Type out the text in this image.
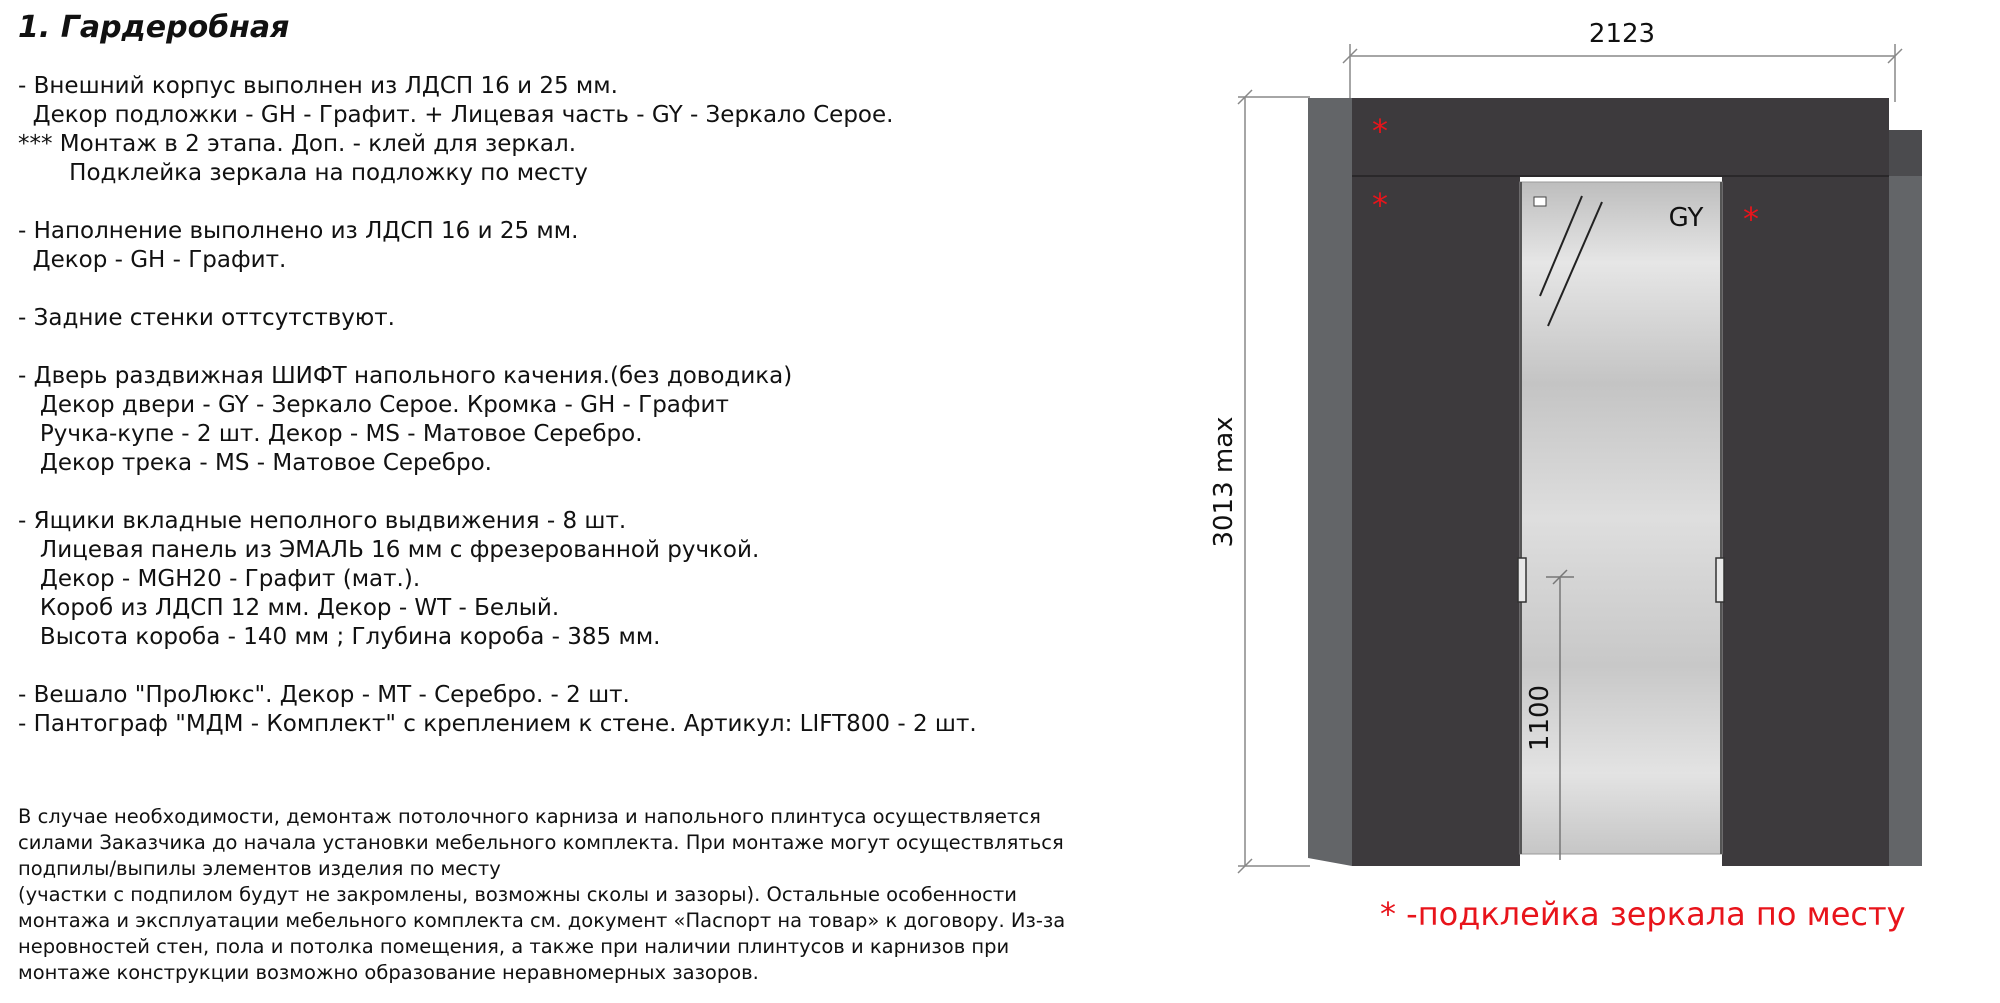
1. Гардеробная
- Внешний корпус выполнен из ЛДСП 16 и 25 мм.
Декор подложки - GH - Графит. + Лицевая часть - GY - Зеркало Серое.
*** Монтаж в 2 этапа. Доп. - клей для зеркал.
Подклейка зеркала на подложку по месту

- Наполнение выполнено из ЛДСП 16 и 25 мм.
Декор - GH - Графит.

- Задние стенки оттсутствуют.

- Дверь раздвижная ШИФТ напольного качения.(без доводика)
Декор двери - GY - Зеркало Серое. Кромка - GH - Графит
Ручка-купе - 2 шт. Декор - MS - Матовое Серебро.
Декор трека - MS - Матовое Серебро.

- Ящики вкладные неполного выдвижения - 8 шт.
Лицевая панель из ЭМАЛЬ 16 мм с фрезерованной ручкой.
Декор - MGH20 - Графит (мат.).
Короб из ЛДСП 12 мм. Декор - WT - Белый.
Высота короба - 140 мм ; Глубина короба - 385 мм.

- Вешало "ПроЛюкс". Декор - MT - Серебро. - 2 шт.
- Пантограф "МДМ - Комплект" с креплением к стене. Артикул: LIFT800 - 2 шт.
В случае необходимости, демонтаж потолочного карниза и напольного плинтуса осуществляется
силами Заказчика до начала установки мебельного комплекта. При монтаже могут осуществляться
подпилы/выпилы элементов изделия по месту
(участки с подпилом будут не закромлены, возможны сколы и зазоры). Остальные особенности
монтажа и эксплуатации мебельного комплекта см. документ «Паспорт на товар» к договору. Из-за
неровностей стен, пола и потолка помещения, а также при наличии плинтусов и карнизов при
монтаже конструкции возможно образование неравномерных зазоров.
* -подклейка зеркала по месту
2123
3013 max
GY
1100
*
*	*
